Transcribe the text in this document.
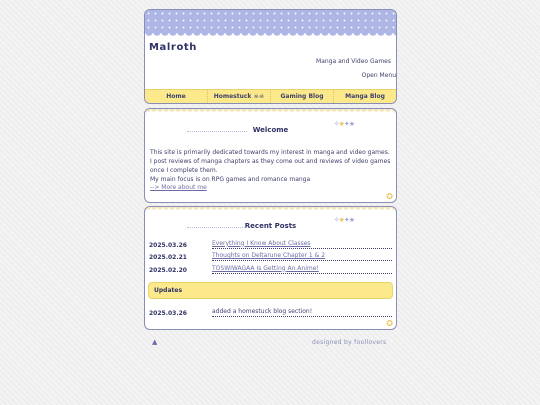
Malroth
Manga and Video Games
Open Menu
Home	Homestuck ☠☠	Gaming Blog	Manga Blog
Welcome
✧★✦★

This site is primarily dedicated towards my interest in manga and video games. I post reviews of manga chapters as they come out and reviews of video games once I complete them.

My main focus is on RPG games and romance manga

--> More about me
✪
Recent Posts
✧★✦★
2025.03.26	Everything I Know About Classes
2025.02.21	Thoughts on Deltarune Chapter 1 & 2
2025.02.20	TOSWIWAGAA Is Getting An Anime!
Updates
2025.03.26	added a homestuck blog section!
✪
▲	designed by foollovers
